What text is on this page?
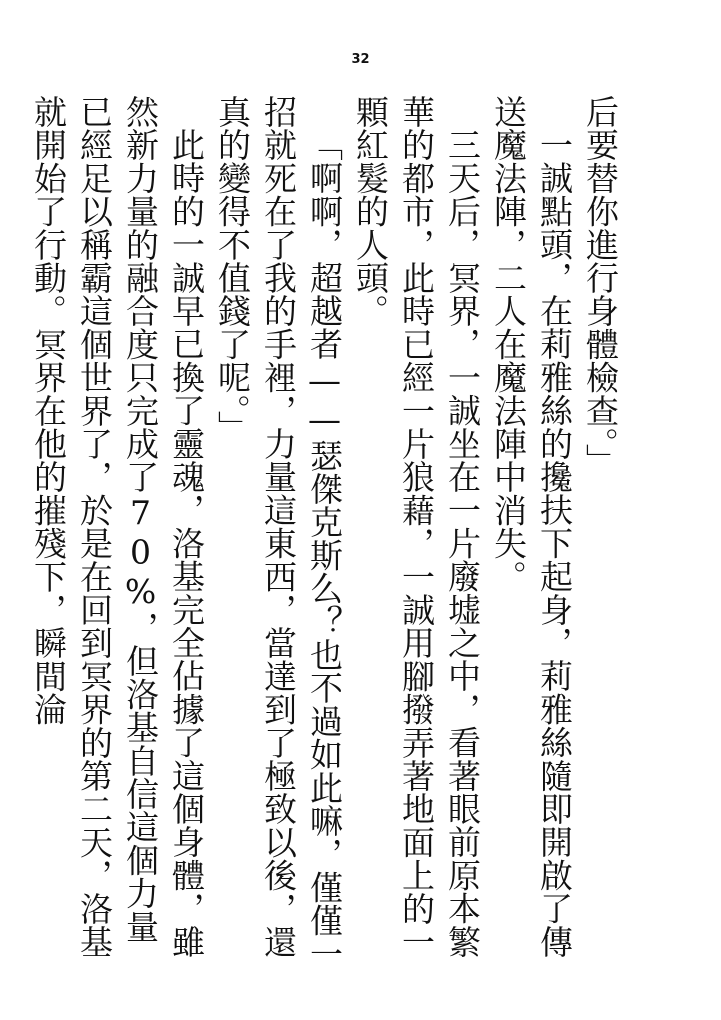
32

后要替你進行身體檢查。」

一誠點頭，在莉雅絲的攙扶下起身，莉雅絲隨即開啟了傳送魔法陣，二人在魔法陣中消失。

三天后，冥界，一誠坐在一片廢墟之中，看著眼前原本繁華的都市，此時已經一片狼藉，一誠用腳撥弄著地面上的一顆紅髮的人頭。

「啊啊，超越者——瑟傑克斯么？也不過如此嘛，僅僅一招就死在了我的手裡，力量這東西，當達到了極致以後，還真的變得不值錢了呢。」

此時的一誠早已換了靈魂，洛基完全佔據了這個身體，雖然新力量的融合度只完成了70%，但洛基自信這個力量已經足以稱霸這個世界了，於是在回到冥界的第二天，洛基就開始了行動。冥界在他的摧殘下，瞬間淪
